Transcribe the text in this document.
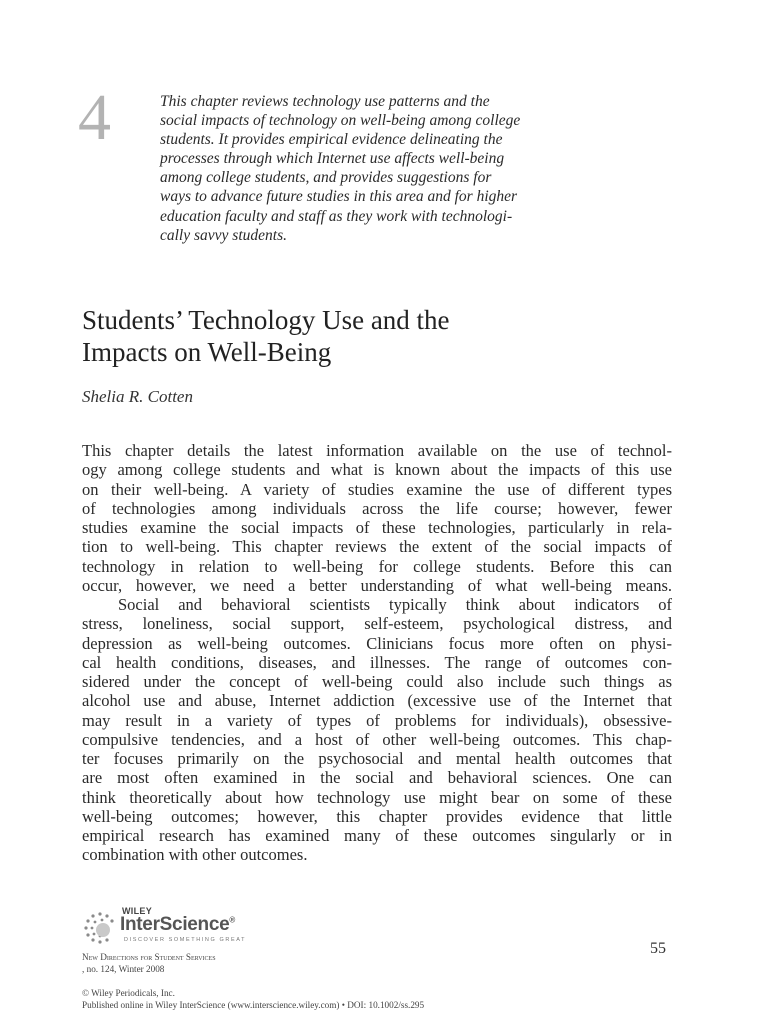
4	This chapter reviews technology use patterns and the
social impacts of technology on well-being among college
students. It provides empirical evidence delineating the
processes through which Internet use affects well-being
among college students, and provides suggestions for
ways to advance future studies in this area and for higher
education faculty and staff as they work with technologi-
cally savvy students.
Students’ Technology Use and the
Impacts on Well-Being
Shelia R. Cotten
This chapter details the latest information available on the use of technol-
ogy among college students and what is known about the impacts of this use
on their well-being. A variety of studies examine the use of different types
of technologies among individuals across the life course; however, fewer
studies examine the social impacts of these technologies, particularly in rela-
tion to well-being. This chapter reviews the extent of the social impacts of
technology in relation to well-being for college students. Before this can
occur, however, we need a better understanding of what well-being means.
Social and behavioral scientists typically think about indicators of
stress, loneliness, social support, self-esteem, psychological distress, and
depression as well-being outcomes. Clinicians focus more often on physi-
cal health conditions, diseases, and illnesses. The range of outcomes con-
sidered under the concept of well-being could also include such things as
alcohol use and abuse, Internet addiction (excessive use of the Internet that
may result in a variety of types of problems for individuals), obsessive-
compulsive tendencies, and a host of other well-being outcomes. This chap-
ter focuses primarily on the psychosocial and mental health outcomes that
are most often examined in the social and behavioral sciences. One can
think theoretically about how technology use might bear on some of these
well-being outcomes; however, this chapter provides evidence that little
empirical research has examined many of these outcomes singularly or in
combination with other outcomes.
WILEY
InterScience®
DISCOVER SOMETHING GREAT	55
New Directions for Student Services
, no. 124, Winter 2008

© Wiley Periodicals, Inc.
Published online in Wiley InterScience (www.interscience.wiley.com) • DOI: 10.1002/ss.295
